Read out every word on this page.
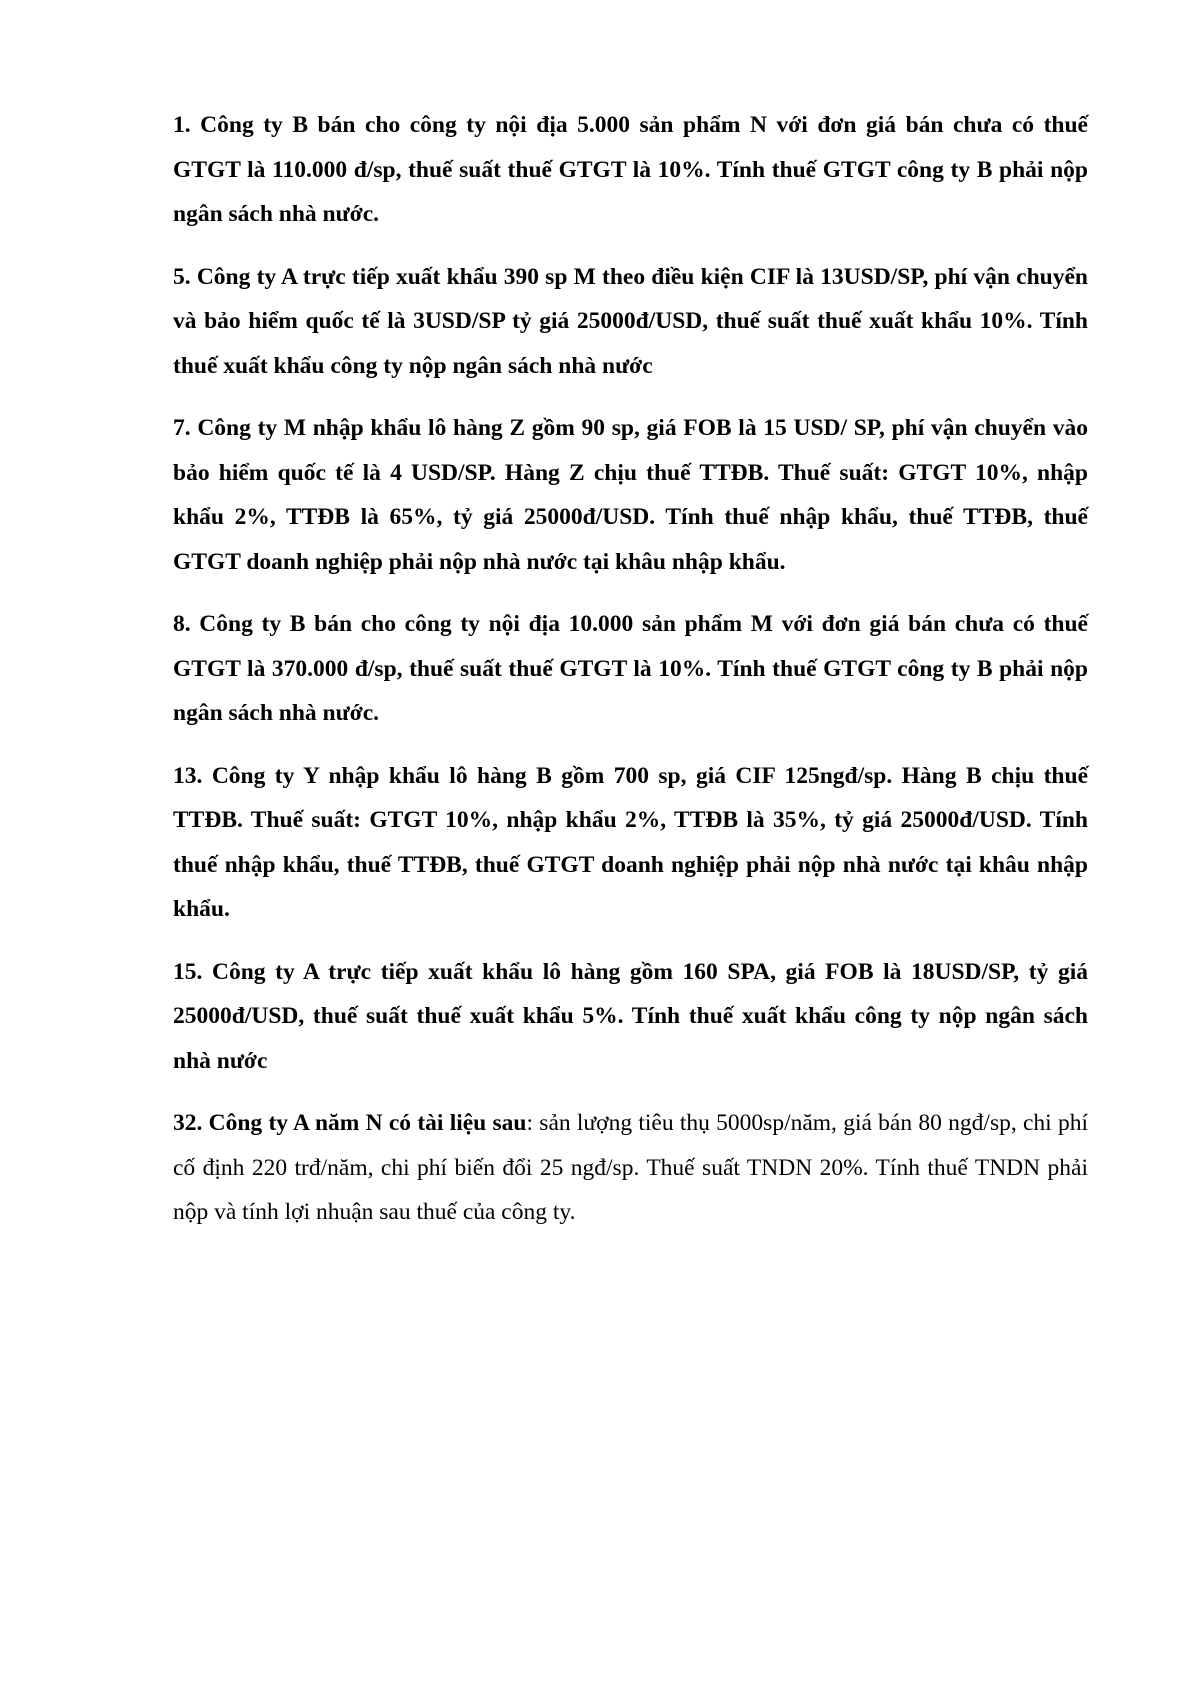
1. Công ty B bán cho công ty nội địa 5.000 sản phẩm N với đơn giá bán chưa có thuế GTGT là 110.000 đ/sp, thuế suất thuế GTGT là 10%. Tính thuế GTGT công ty B phải nộp ngân sách nhà nước.

5. Công ty A trực tiếp xuất khẩu 390 sp M theo điều kiện CIF là 13USD/SP, phí vận chuyển và bảo hiểm quốc tế là 3USD/SP tỷ giá 25000đ/USD, thuế suất thuế xuất khẩu 10%. Tính thuế xuất khẩu công ty nộp ngân sách nhà nước

7. Công ty M nhập khẩu lô hàng Z gồm 90 sp, giá FOB là 15 USD/ SP, phí vận chuyển vào bảo hiểm quốc tế là 4 USD/SP. Hàng Z chịu thuế TTĐB. Thuế suất: GTGT 10%, nhập khẩu 2%, TTĐB là 65%, tỷ giá 25000đ/USD. Tính thuế nhập khẩu, thuế TTĐB, thuế GTGT doanh nghiệp phải nộp nhà nước tại khâu nhập khẩu.

8. Công ty B bán cho công ty nội địa 10.000 sản phẩm M với đơn giá bán chưa có thuế GTGT là 370.000 đ/sp, thuế suất thuế GTGT là 10%. Tính thuế GTGT công ty B phải nộp ngân sách nhà nước.

13. Công ty Y nhập khẩu lô hàng B gồm 700 sp, giá CIF 125ngđ/sp. Hàng B chịu thuế TTĐB. Thuế suất: GTGT 10%, nhập khẩu 2%, TTĐB là 35%, tỷ giá 25000đ/USD. Tính thuế nhập khẩu, thuế TTĐB, thuế GTGT doanh nghiệp phải nộp nhà nước tại khâu nhập khẩu.

15. Công ty A trực tiếp xuất khẩu lô hàng gồm 160 SPA, giá FOB là 18USD/SP, tỷ giá 25000đ/USD, thuế suất thuế xuất khẩu 5%. Tính thuế xuất khẩu công ty nộp ngân sách nhà nước

32. Công ty A năm N có tài liệu sau: sản lượng tiêu thụ 5000sp/năm, giá bán 80 ngđ/sp, chi phí cố định 220 trđ/năm, chi phí biến đổi 25 ngđ/sp. Thuế suất TNDN 20%. Tính thuế TNDN phải nộp và tính lợi nhuận sau thuế của công ty.
